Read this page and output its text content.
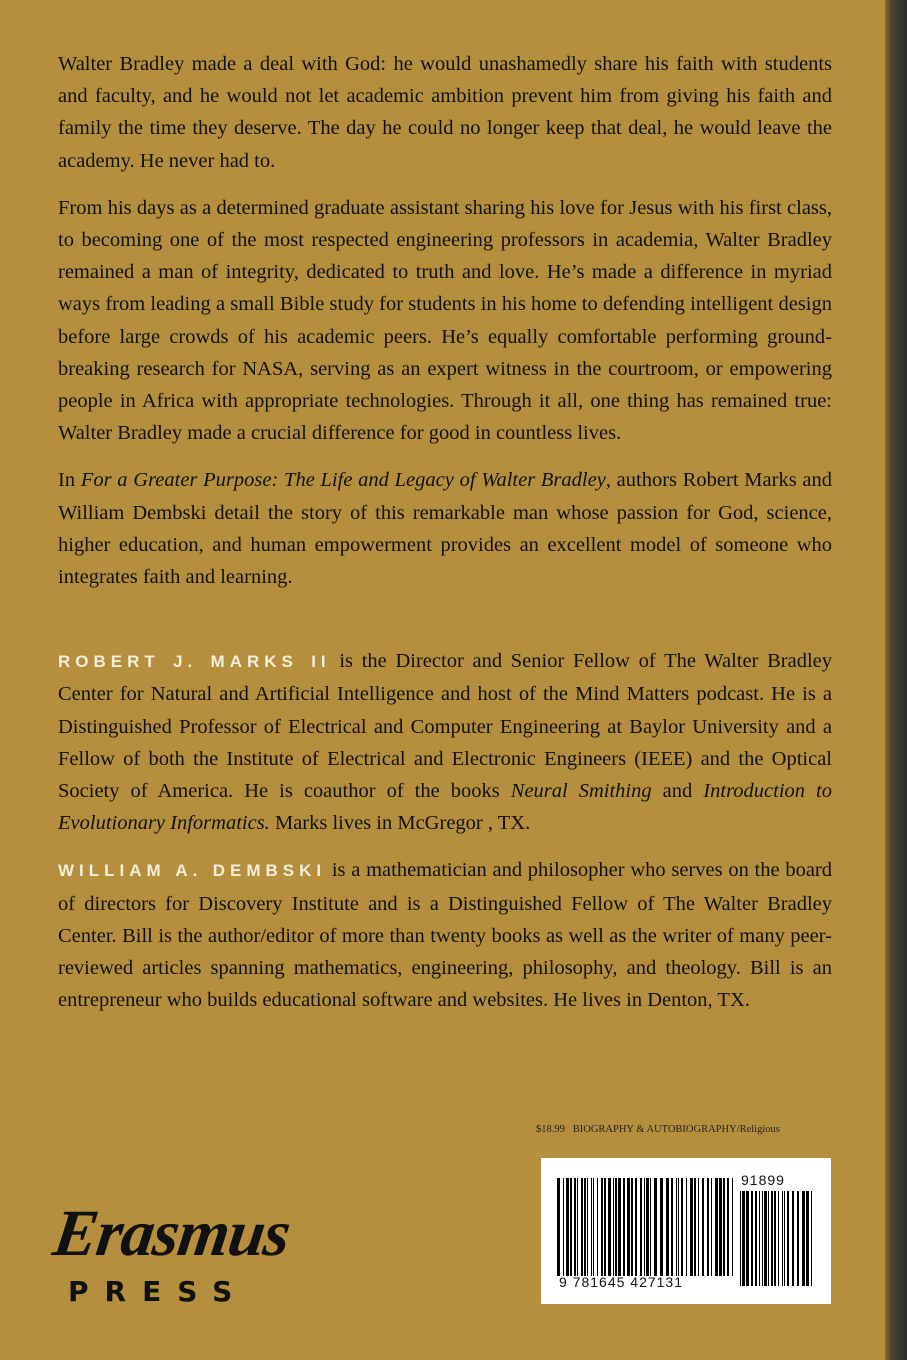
Walter Bradley made a deal with God: he would unashamedly share his faith with students and faculty, and he would not let academic ambition prevent him from giving his faith and family the time they deserve. The day he could no longer keep that deal, he would leave the academy. He never had to.

From his days as a determined graduate assistant sharing his love for Jesus with his first class, to becoming one of the most respected engineering professors in academia, Walter Bradley remained a man of integrity, dedicated to truth and love. He’s made a difference in myriad ways from leading a small Bible study for students in his home to defending intelligent design before large crowds of his academic peers. He’s equally comfortable performing ground-breaking research for NASA, serving as an expert witness in the courtroom, or empowering people in Africa with appropriate technologies. Through it all, one thing has remained true: Walter Bradley made a crucial difference for good in countless lives.

In For a Greater Purpose: The Life and Legacy of Walter Bradley, authors Robert Marks and William Dembski detail the story of this remarkable man whose passion for God, science, higher education, and human empowerment provides an excellent model of someone who integrates faith and learning.

ROBERT J. MARKS II is the Director and Senior Fellow of The Walter Bradley Center for Natural and Artificial Intelligence and host of the Mind Matters podcast. He is a Distinguished Professor of Electrical and Computer Engineering at Baylor University and a Fellow of both the Institute of Electrical and Electronic Engineers (IEEE) and the Optical Society of America. He is coauthor of the books Neural Smithing and Introduction to Evolutionary Informatics. Marks lives in McGregor , TX.

WILLIAM A. DEMBSKI is a mathematician and philosopher who serves on the board of directors for Discovery Institute and is a Distinguished Fellow of The Walter Bradley Center. Bill is the author/editor of more than twenty books as well as the writer of many peer-reviewed articles spanning mathematics, engineering, philosophy, and theology. Bill is an entrepreneur who builds educational software and websites. He lives in Denton, TX.

$18.99 BIOGRAPHY & AUTOBIOGRAPHY/Religious
9 781645 427131
91899
Erasmus
PRESS
